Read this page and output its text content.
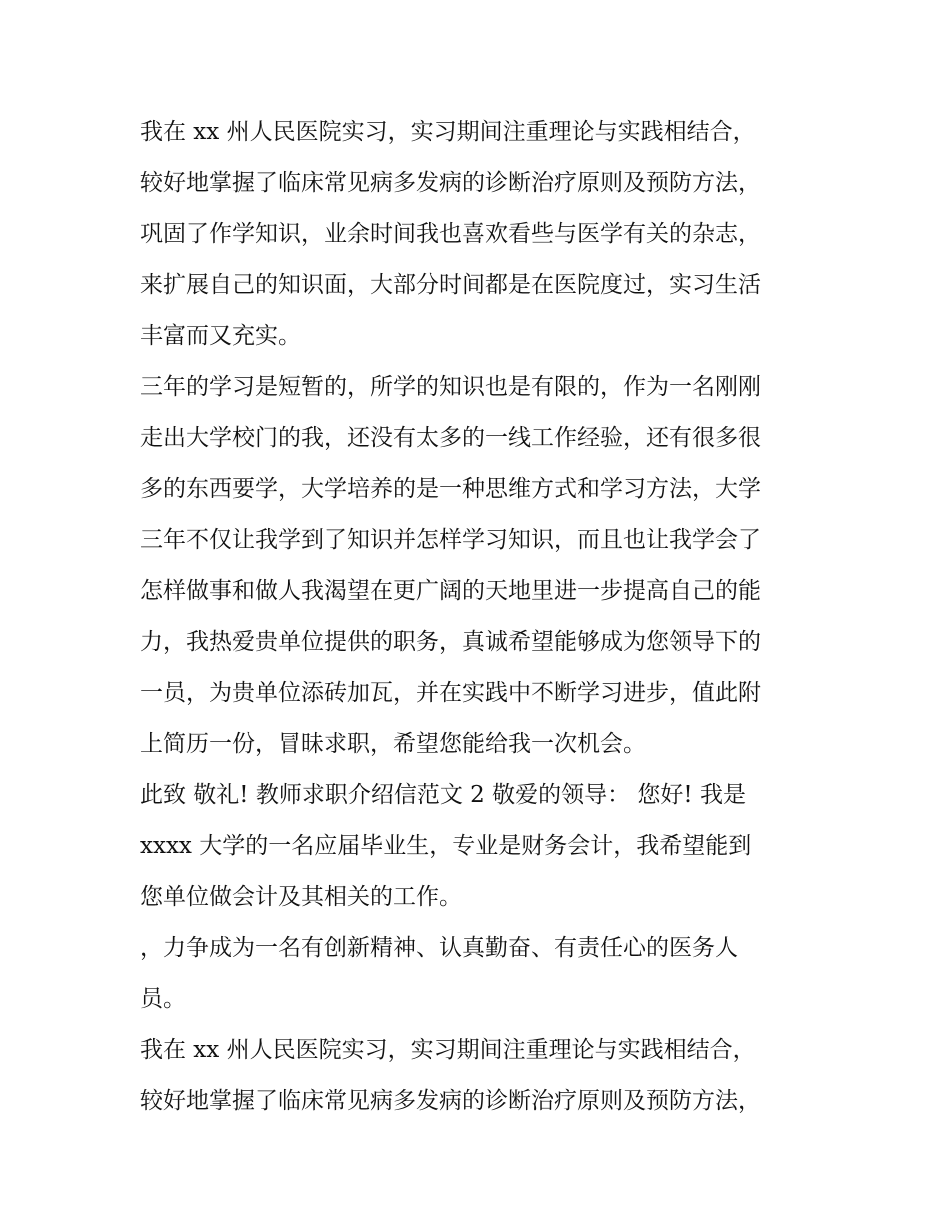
我在 xx 州人民医院实习，实习期间注重理论与实践相结合，
较好地掌握了临床常见病多发病的诊断治疗原则及预防方法，
巩固了作学知识，业余时间我也喜欢看些与医学有关的杂志，
来扩展自己的知识面，大部分时间都是在医院度过，实习生活
丰富而又充实。
三年的学习是短暂的，所学的知识也是有限的，作为一名刚刚
走出大学校门的我，还没有太多的一线工作经验，还有很多很
多的东西要学，大学培养的是一种思维方式和学习方法，大学
三年不仅让我学到了知识并怎样学习知识，而且也让我学会了
怎样做事和做人我渴望在更广阔的天地里进一步提高自己的能
力，我热爱贵单位提供的职务，真诚希望能够成为您领导下的
一员，为贵单位添砖加瓦，并在实践中不断学习进步，值此附
上简历一份，冒昧求职，希望您能给我一次机会。
此致 敬礼! 教师求职介绍信范文 2 敬爱的领导： 您好! 我是
xxxx 大学的一名应届毕业生，专业是财务会计，我希望能到
您单位做会计及其相关的工作。
，力争成为一名有创新精神、认真勤奋、有责任心的医务人
员。
我在 xx 州人民医院实习，实习期间注重理论与实践相结合，
较好地掌握了临床常见病多发病的诊断治疗原则及预防方法，
